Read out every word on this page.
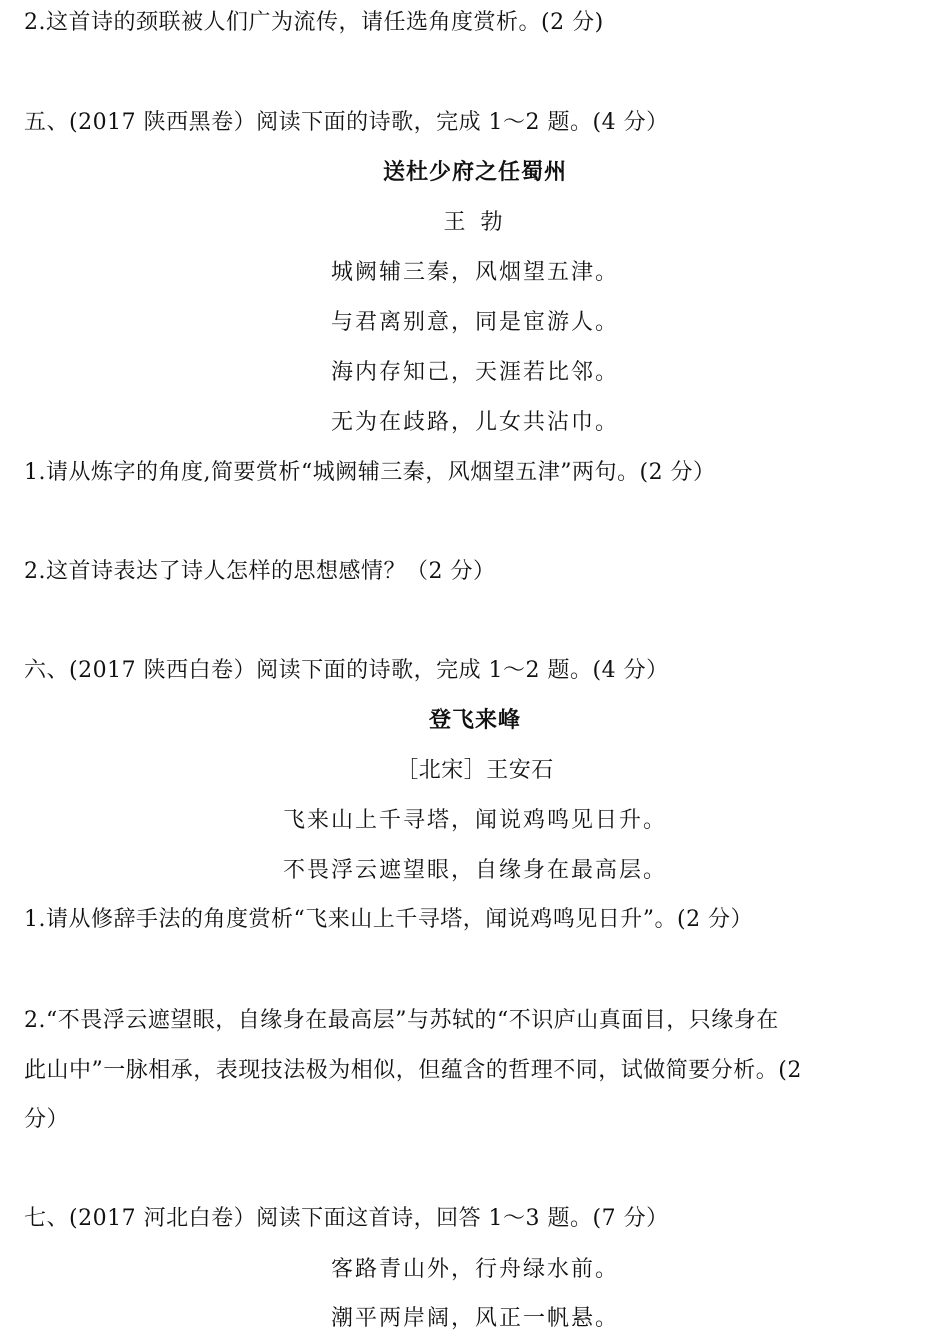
2.这首诗的颈联被人们广为流传，请任选角度赏析。(2 分)
五、(2017 陕西黑卷）阅读下面的诗歌，完成 1～2 题。(4 分）
送杜少府之任蜀州
王 勃
城阙辅三秦，风烟望五津。
与君离别意，同是宦游人。
海内存知己，天涯若比邻。
无为在歧路，儿女共沾巾。
1.请从炼字的角度,简要赏析“城阙辅三秦，风烟望五津”两句。(2 分）
2.这首诗表达了诗人怎样的思想感情？（2 分）
六、(2017 陕西白卷）阅读下面的诗歌，完成 1～2 题。(4 分）
登飞来峰
［北宋］王安石
飞来山上千寻塔，闻说鸡鸣见日升。
不畏浮云遮望眼，自缘身在最高层。
1.请从修辞手法的角度赏析“飞来山上千寻塔，闻说鸡鸣见日升”。(2 分）
2.“不畏浮云遮望眼，自缘身在最高层”与苏轼的“不识庐山真面目，只缘身在
此山中”一脉相承，表现技法极为相似，但蕴含的哲理不同，试做简要分析。(2
分）
七、(2017 河北白卷）阅读下面这首诗，回答 1～3 题。(7 分）
客路青山外，行舟绿水前。
潮平两岸阔，风正一帆悬。
